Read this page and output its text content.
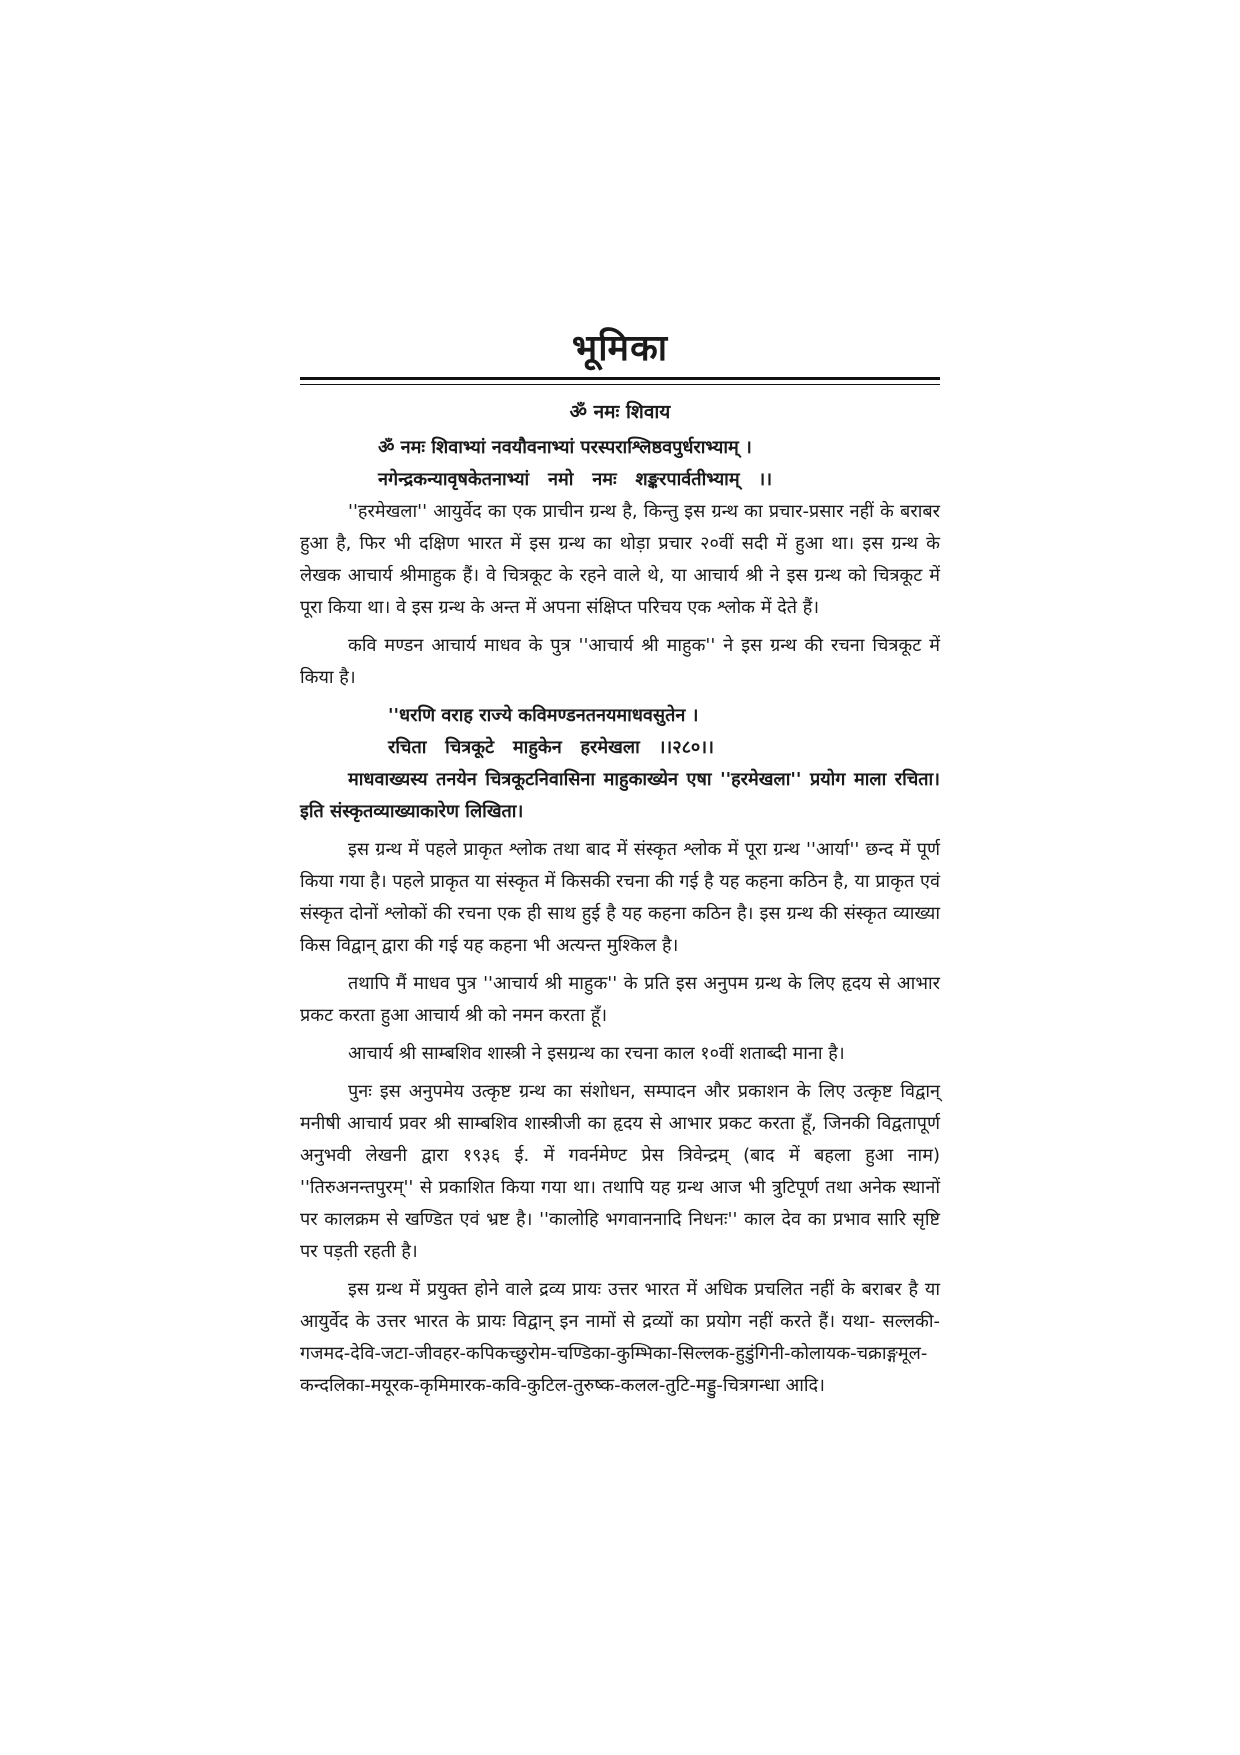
भूमिका
ॐ नमः शिवाय
ॐ नमः शिवाभ्यां नवयौवनाभ्यां परस्पराश्लिष्ठवपुर्धराभ्याम् ।
नगेन्द्रकन्यावृषकेतनाभ्यां   नमो   नमः   शङ्करपार्वतीभ्याम्   ।।

''हरमेखला'' आयुर्वेद का एक प्राचीन ग्रन्थ है, किन्तु इस ग्रन्थ का प्रचार-प्रसार नहीं के बराबर हुआ है, फिर भी दक्षिण भारत में इस ग्रन्थ का थोड़ा प्रचार २०वीं सदी में हुआ था। इस ग्रन्थ के लेखक आचार्य श्रीमाहुक हैं। वे चित्रकूट के रहने वाले थे, या आचार्य श्री ने इस ग्रन्थ को चित्रकूट में पूरा किया था। वे इस ग्रन्थ के अन्त में अपना संक्षिप्त परिचय एक श्लोक में देते हैं।

कवि मण्डन आचार्य माधव के पुत्र ''आचार्य श्री माहुक'' ने इस ग्रन्थ की रचना चित्रकूट में किया है।

''धरणि वराह राज्ये कविमण्डनतनयमाधवसुतेन ।
रचिता   चित्रकूटे   माहुकेन   हरमेखला   ।।२८०।।

माधवाख्यस्य तनयेन चित्रकूटनिवासिना माहुकाख्येन एषा ''हरमेखला'' प्रयोग माला रचिता। इति संस्कृतव्याख्याकारेण लिखिता।

इस ग्रन्थ में पहले प्राकृत श्लोक तथा बाद में संस्कृत श्लोक में पूरा ग्रन्थ ''आर्या'' छन्द में पूर्ण किया गया है। पहले प्राकृत या संस्कृत में किसकी रचना की गई है यह कहना कठिन है, या प्राकृत एवं संस्कृत दोनों श्लोकों की रचना एक ही साथ हुई है यह कहना कठिन है। इस ग्रन्थ की संस्कृत व्याख्या किस विद्वान् द्वारा की गई यह कहना भी अत्यन्त मुश्किल है।

तथापि मैं माधव पुत्र ''आचार्य श्री माहुक'' के प्रति इस अनुपम ग्रन्थ के लिए हृदय से आभार प्रकट करता हुआ आचार्य श्री को नमन करता हूँ।

आचार्य श्री साम्बशिव शास्त्री ने इसग्रन्थ का रचना काल १०वीं शताब्दी माना है।

पुनः इस अनुपमेय उत्कृष्ट ग्रन्थ का संशोधन, सम्पादन और प्रकाशन के लिए उत्कृष्ट विद्वान् मनीषी आचार्य प्रवर श्री साम्बशिव शास्त्रीजी का हृदय से आभार प्रकट करता हूँ, जिनकी विद्वतापूर्ण अनुभवी लेखनी द्वारा १९३६ ई. में गवर्नमेण्ट प्रेस त्रिवेन्द्रम् (बाद में बहला हुआ नाम) ''तिरुअनन्तपुरम्'' से प्रकाशित किया गया था। तथापि यह ग्रन्थ आज भी त्रुटिपूर्ण तथा अनेक स्थानों पर कालक्रम से खण्डित एवं भ्रष्ट है। ''कालोहि भगवाननादि निधनः'' काल देव का प्रभाव सारि सृष्टि पर पड़ती रहती है।

इस ग्रन्थ में प्रयुक्त होने वाले द्रव्य प्रायः उत्तर भारत में अधिक प्रचलित नहीं के बराबर है या आयुर्वेद के उत्तर भारत के प्रायः विद्वान् इन नामों से द्रव्यों का प्रयोग नहीं करते हैं। यथा- सल्लकी-गजमद-देवि-जटा-जीवहर-कपिकच्छुरोम-चण्डिका-कुम्भिका-सिल्लक-हुडुंगिनी-कोलायक-चक्राङ्गमूल-कन्दलिका-मयूरक-कृमिमारक-कवि-कुटिल-तुरुष्क-कलल-तुटि-मड्डु-चित्रगन्धा आदि।
